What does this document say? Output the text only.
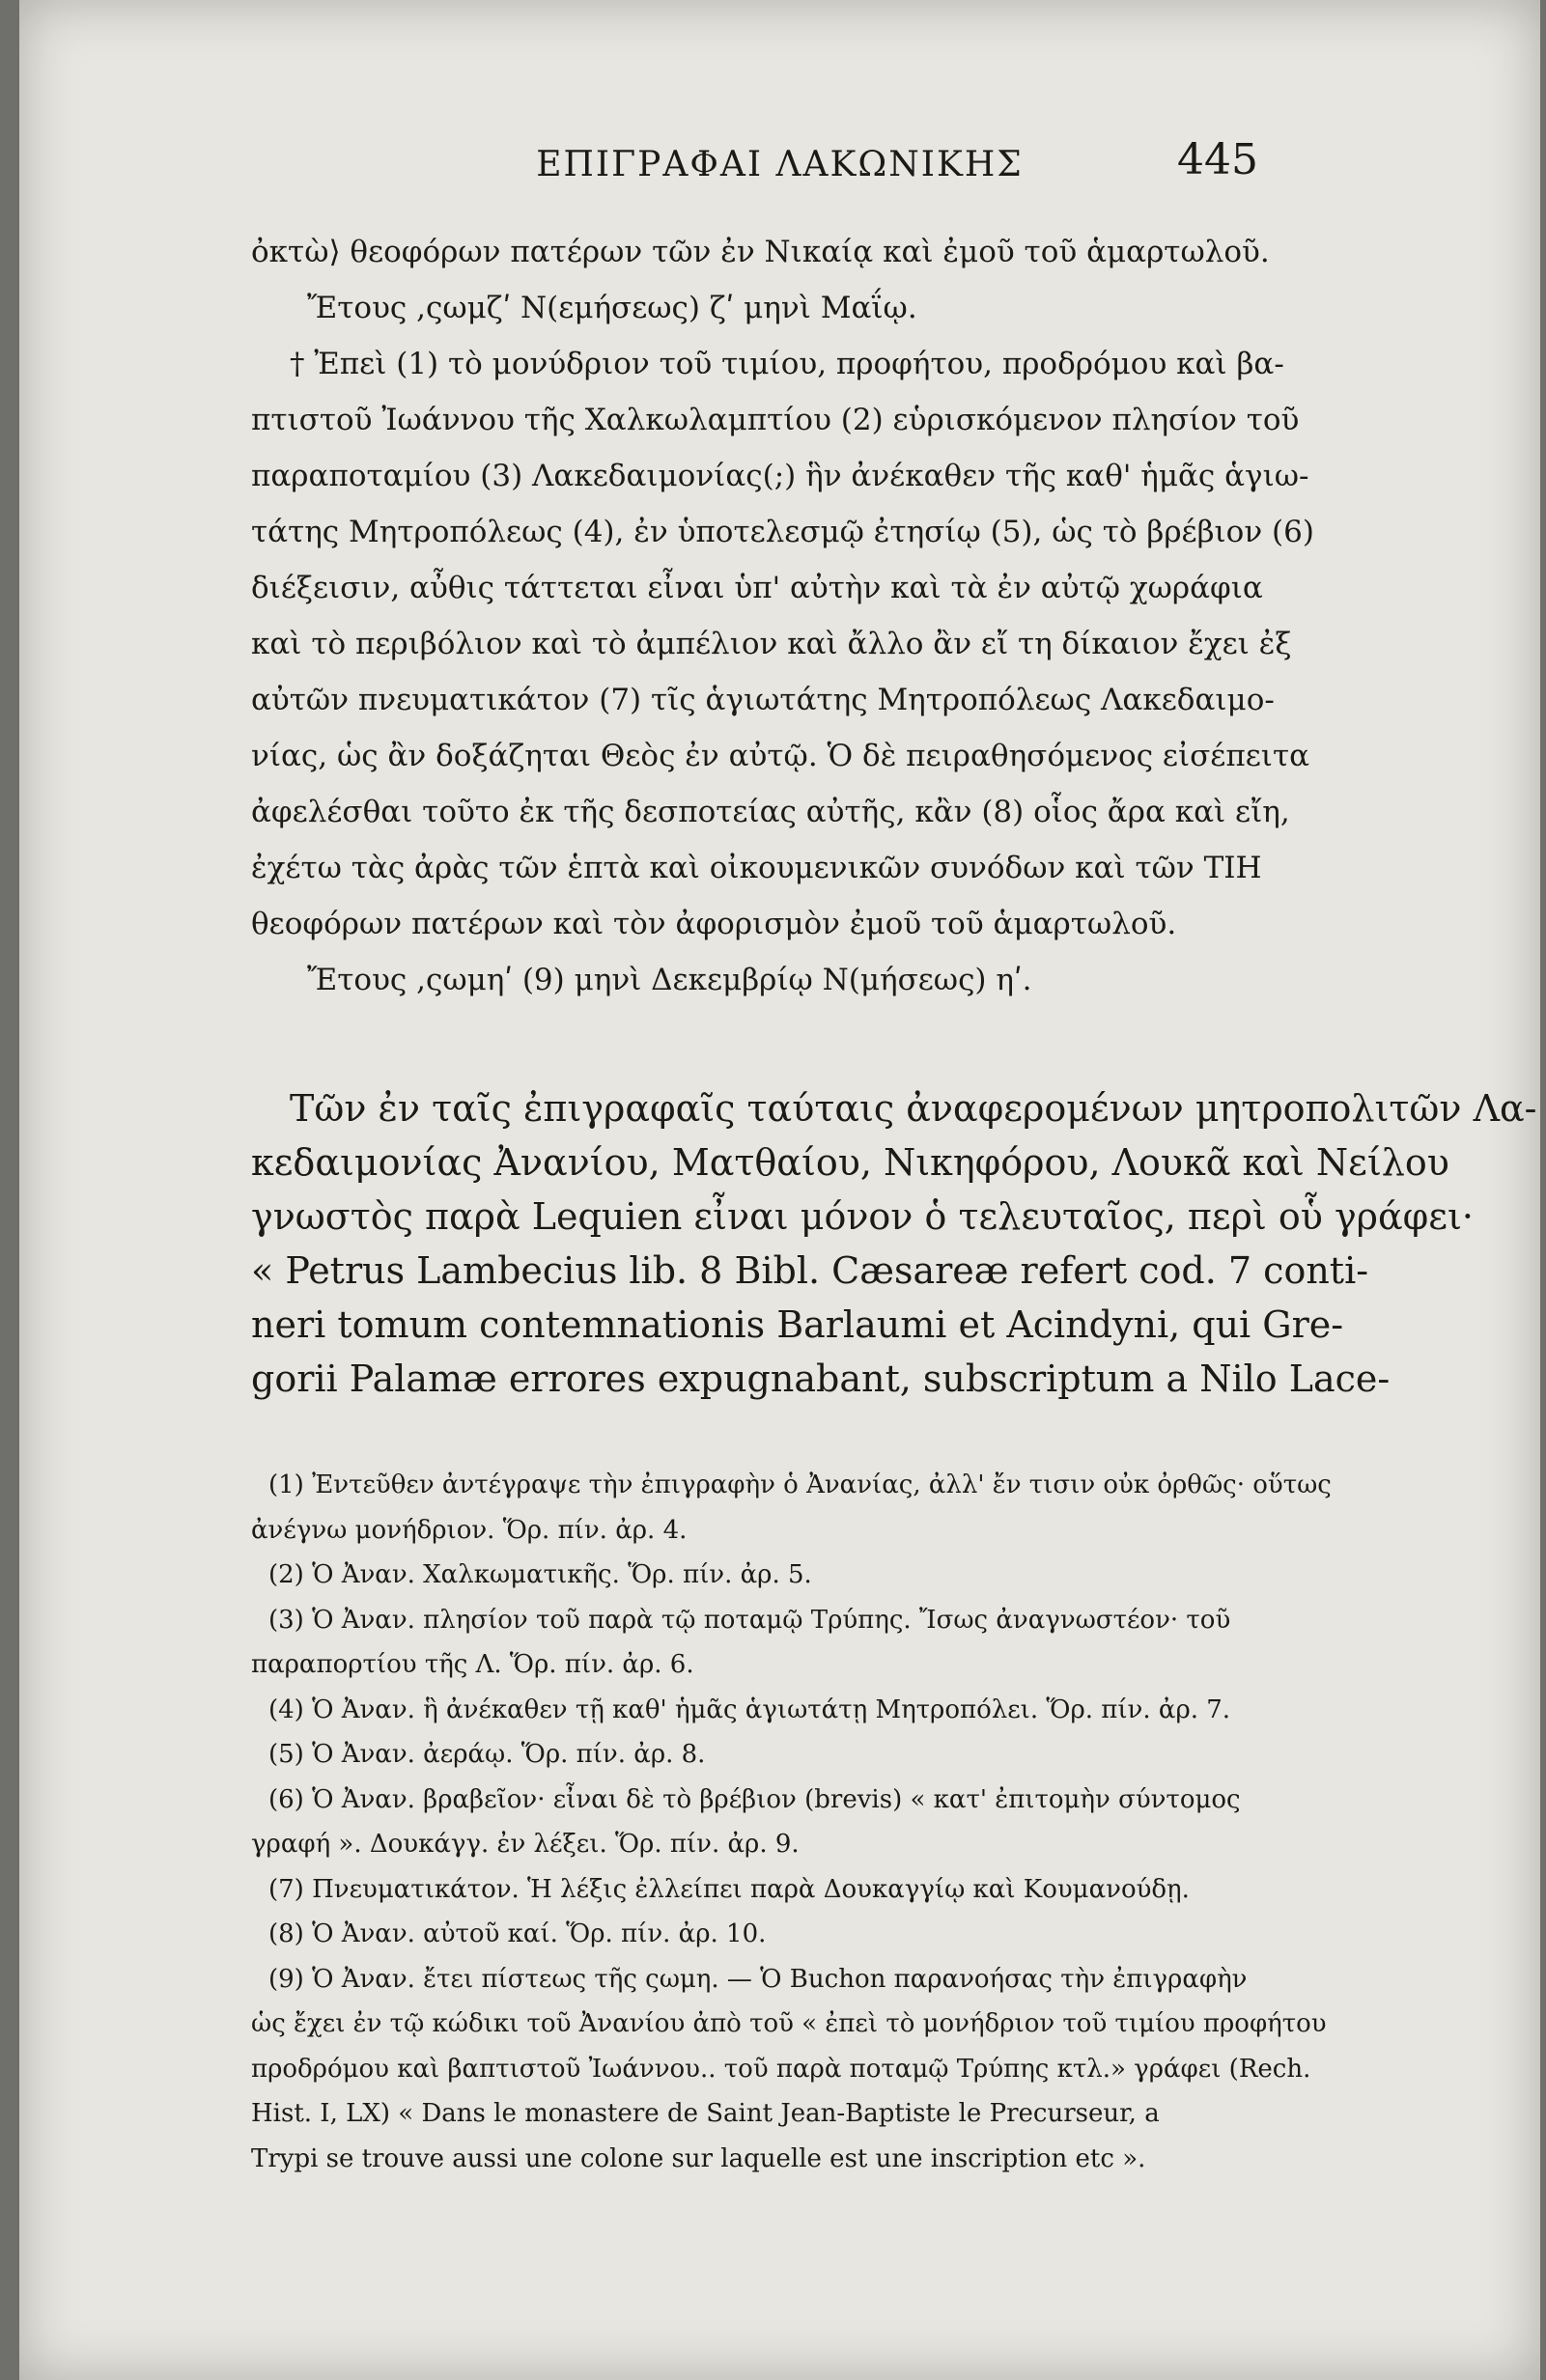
ΕΠΙΓΡΑΦΑΙ ΛΑΚΩΝΙΚΗΣ	445
ὀκτὼ⟩ θεοφόρων πατέρων τῶν ἐν Νικαίᾳ καὶ ἐμοῦ τοῦ ἁμαρτωλοῦ.
Ἔτους ,ςωμζʹ Ν(εμήσεως) ζʹ μηνὶ Μαΐῳ.
† Ἐπεὶ (1) τὸ μονύδριον τοῦ τιμίου, προφήτου, προδρόμου καὶ βα-
πτιστοῦ Ἰωάννου τῆς Χαλκωλαμπτίου (2) εὑρισκόμενον πλησίον τοῦ
παραποταμίου (3) Λακεδαιμονίας(;) ἣν ἀνέκαθεν τῆς καθ' ἡμᾶς ἁγιω-
τάτης Μητροπόλεως (4), ἐν ὑποτελεσμῷ ἐτησίῳ (5), ὡς τὸ βρέβιον (6)
διέξεισιν, αὖθις τάττεται εἶναι ὑπ' αὐτὴν καὶ τὰ ἐν αὐτῷ χωράφια
καὶ τὸ περιβόλιον καὶ τὸ ἀμπέλιον καὶ ἄλλο ἂν εἴ τη δίκαιον ἔχει ἐξ
αὐτῶν πνευματικάτον (7) τῖς ἁγιωτάτης Μητροπόλεως Λακεδαιμο-
νίας, ὡς ἂν δοξάζηται Θεὸς ἐν αὐτῷ. Ὁ δὲ πειραθησόμενος εἰσέπειτα
ἀφελέσθαι τοῦτο ἐκ τῆς δεσποτείας αὐτῆς, κἂν (8) οἷος ἄρα καὶ εἴη,
ἐχέτω τὰς ἀρὰς τῶν ἑπτὰ καὶ οἰκουμενικῶν συνόδων καὶ τῶν ΤΙΗ
θεοφόρων πατέρων καὶ τὸν ἀφορισμὸν ἐμοῦ τοῦ ἁμαρτωλοῦ.
Ἔτους ,ςωμηʹ (9) μηνὶ Δεκεμβρίῳ Ν(μήσεως) ηʹ.
Τῶν ἐν ταῖς ἐπιγραφαῖς ταύταις ἀναφερομένων μητροπολιτῶν Λα-
κεδαιμονίας Ἀνανίου, Ματθαίου, Νικηφόρου, Λουκᾶ καὶ Νείλου
γνωστὸς παρὰ Lequien εἶναι μόνον ὁ τελευταῖος, περὶ οὗ γράφει·
« Petrus Lambecius lib. 8 Bibl. Cæsareæ refert cod. 7 conti-
neri tomum contemnationis Barlaumi et Acindyni, qui Gre-
gorii Palamæ errores expugnabant, subscriptum a Nilo Lace-
(1) Ἐντεῦθεν ἀντέγραψε τὴν ἐπιγραφὴν ὁ Ἀνανίας, ἀλλ' ἔν τισιν οὐκ ὀρθῶς· οὕτως
ἀνέγνω μονήδριον. Ὅρ. πίν. ἀρ. 4.
(2) Ὁ Ἀναν. Χαλκωματικῆς. Ὅρ. πίν. ἀρ. 5.
(3) Ὁ Ἀναν. πλησίον τοῦ παρὰ τῷ ποταμῷ Τρύπης. Ἴσως ἀναγνωστέον· τοῦ
παραπορτίου τῆς Λ. Ὅρ. πίν. ἀρ. 6.
(4) Ὁ Ἀναν. ἣ ἀνέκαθεν τῇ καθ' ἡμᾶς ἁγιωτάτῃ Μητροπόλει. Ὅρ. πίν. ἀρ. 7.
(5) Ὁ Ἀναν. ἀεράῳ. Ὅρ. πίν. ἀρ. 8.
(6) Ὁ Ἀναν. βραβεῖον· εἶναι δὲ τὸ βρέβιον (brevis) « κατ' ἐπιτομὴν σύντομος
γραφή ». Δουκάγγ. ἐν λέξει. Ὅρ. πίν. ἀρ. 9.
(7) Πνευματικάτον. Ἡ λέξις ἐλλείπει παρὰ Δουκαγγίῳ καὶ Κουμανούδῃ.
(8) Ὁ Ἀναν. αὐτοῦ καί. Ὅρ. πίν. ἀρ. 10.
(9) Ὁ Ἀναν. ἔτει πίστεως τῆς ςωμη. — Ὁ Buchon παρανοήσας τὴν ἐπιγραφὴν
ὡς ἔχει ἐν τῷ κώδικι τοῦ Ἀνανίου ἀπὸ τοῦ « ἐπεὶ τὸ μονήδριον τοῦ τιμίου προφήτου
προδρόμου καὶ βαπτιστοῦ Ἰωάννου.. τοῦ παρὰ ποταμῷ Τρύπης κτλ.» γράφει (Rech.
Hist. I, LX) « Dans le monastere de Saint Jean-Baptiste le Precurseur, a
Trypi se trouve aussi une colone sur laquelle est une inscription etc ».
